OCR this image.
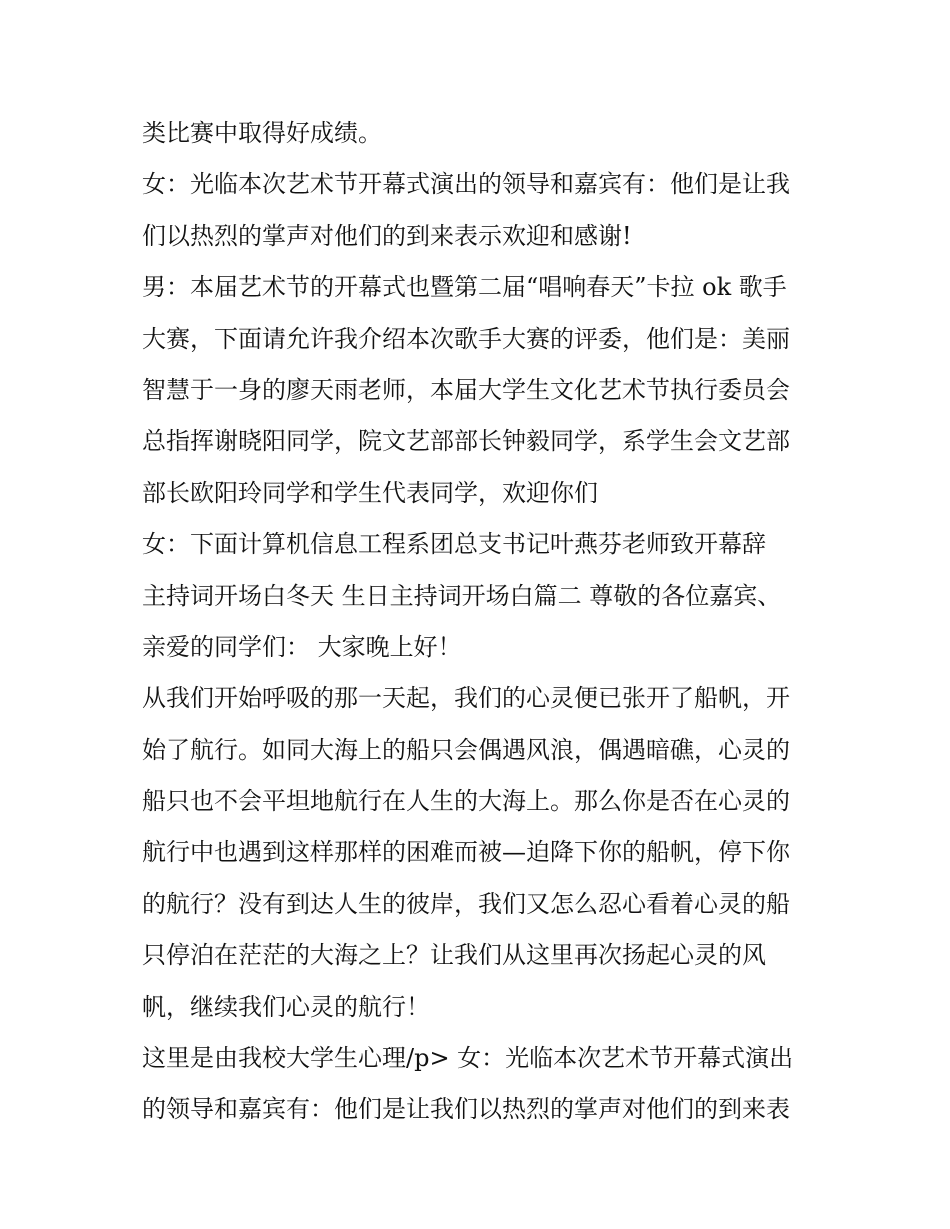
类比赛中取得好成绩。
女：光临本次艺术节开幕式演出的领导和嘉宾有：他们是让我
们以热烈的掌声对他们的到来表示欢迎和感谢!
男：本届艺术节的开幕式也暨第二届“唱响春天”卡拉 ok 歌手
大赛，下面请允许我介绍本次歌手大赛的评委，他们是：美丽
智慧于一身的廖天雨老师，本届大学生文化艺术节执行委员会
总指挥谢晓阳同学，院文艺部部长钟毅同学，系学生会文艺部
部长欧阳玲同学和学生代表同学，欢迎你们
女：下面计算机信息工程系团总支书记叶燕芬老师致开幕辞
主持词开场白冬天 生日主持词开场白篇二 尊敬的各位嘉宾、
亲爱的同学们： 大家晚上好！
从我们开始呼吸的那一天起，我们的心灵便已张开了船帆，开
始了航行。如同大海上的船只会偶遇风浪，偶遇暗礁，心灵的
船只也不会平坦地航行在人生的大海上。那么你是否在心灵的
航行中也遇到这样那样的困难而被—迫降下你的船帆，停下你
的航行？没有到达人生的彼岸，我们又怎么忍心看着心灵的船
只停泊在茫茫的大海之上？让我们从这里再次扬起心灵的风
帆，继续我们心灵的航行！
这里是由我校大学生心理/p> 女：光临本次艺术节开幕式演出
的领导和嘉宾有：他们是让我们以热烈的掌声对他们的到来表
